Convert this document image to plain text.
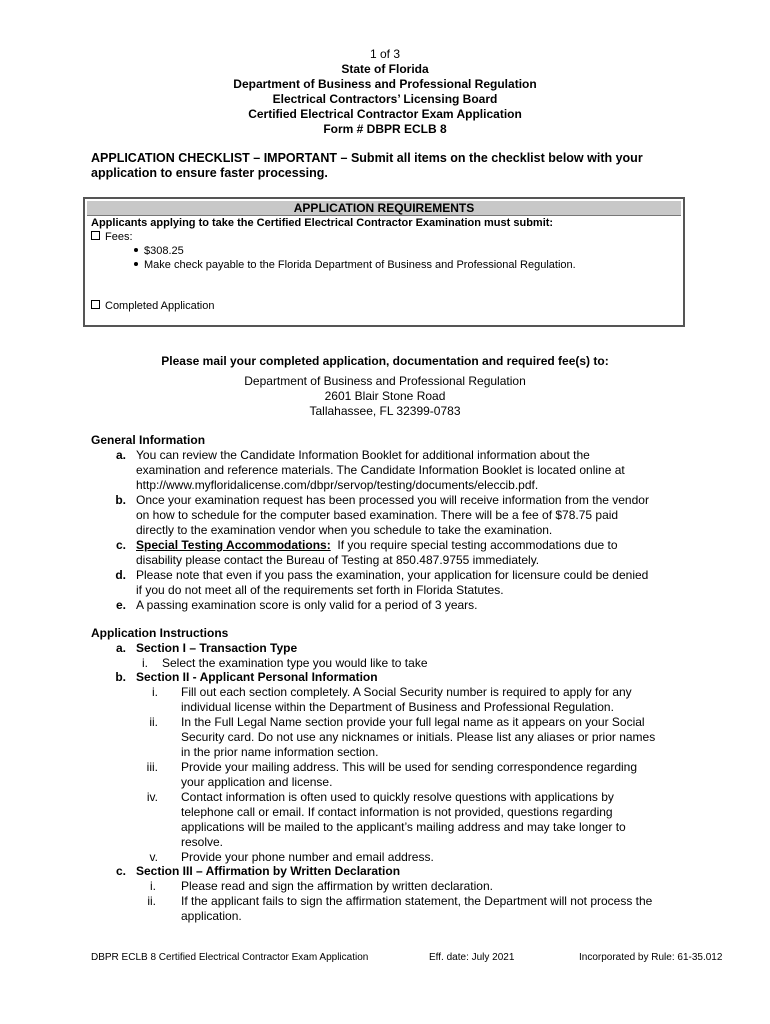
1 of 3
State of Florida
Department of Business and Professional Regulation
Electrical Contractors’ Licensing Board
Certified Electrical Contractor Exam Application
Form # DBPR ECLB 8
APPLICATION CHECKLIST – IMPORTANT – Submit all items on the checklist below with your
application to ensure faster processing.
APPLICATION REQUIREMENTS
Applicants applying to take the Certified Electrical Contractor Examination must submit:
Fees:
$308.25
Make check payable to the Florida Department of Business and Professional Regulation.
Completed Application
Please mail your completed application, documentation and required fee(s) to:
Department of Business and Professional Regulation
2601 Blair Stone Road
Tallahassee, FL 32399-0783
General Information
a. You can review the Candidate Information Booklet for additional information about the
examination and reference materials. The Candidate Information Booklet is located online at
http://www.myfloridalicense.com/dbpr/servop/testing/documents/eleccib.pdf.
b. Once your examination request has been processed you will receive information from the vendor
on how to schedule for the computer based examination. There will be a fee of $78.75 paid
directly to the examination vendor when you schedule to take the examination.
c. Special Testing Accommodations: If you require special testing accommodations due to
disability please contact the Bureau of Testing at 850.487.9755 immediately.
d. Please note that even if you pass the examination, your application for licensure could be denied
if you do not meet all of the requirements set forth in Florida Statutes.
e. A passing examination score is only valid for a period of 3 years.
Application Instructions
a. Section I – Transaction Type
i. Select the examination type you would like to take
b. Section II - Applicant Personal Information
i. Fill out each section completely. A Social Security number is required to apply for any
individual license within the Department of Business and Professional Regulation.
ii. In the Full Legal Name section provide your full legal name as it appears on your Social
Security card. Do not use any nicknames or initials. Please list any aliases or prior names
in the prior name information section.
iii. Provide your mailing address. This will be used for sending correspondence regarding
your application and license.
iv. Contact information is often used to quickly resolve questions with applications by
telephone call or email. If contact information is not provided, questions regarding
applications will be mailed to the applicant’s mailing address and may take longer to
resolve.
v. Provide your phone number and email address.
c. Section III – Affirmation by Written Declaration
i. Please read and sign the affirmation by written declaration.
ii. If the applicant fails to sign the affirmation statement, the Department will not process the
application.
DBPR ECLB 8 Certified Electrical Contractor Exam Application	Eff. date: July 2021	Incorporated by Rule: 61-35.012
